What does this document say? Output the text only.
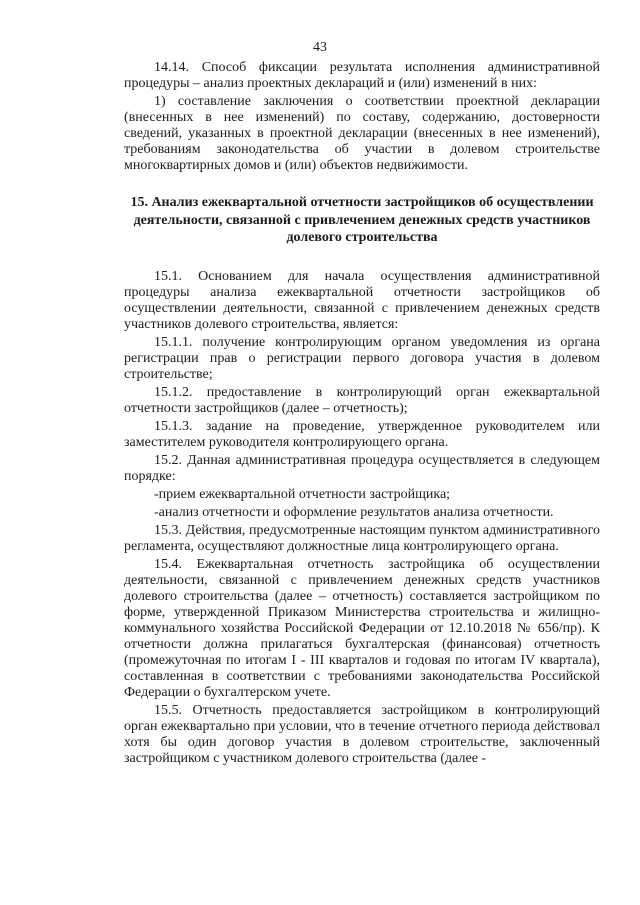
43

14.14. Способ фиксации результата исполнения административной процедуры – анализ проектных деклараций и (или) изменений в них:

1) составление заключения о соответствии проектной декларации (внесенных в нее изменений) по составу, содержанию, достоверности сведений, указанных в проектной декларации (внесенных в нее изменений), требованиям законодательства об участии в долевом строительстве многоквартирных домов и (или) объектов недвижимости.

15. Анализ ежеквартальной отчетности застройщиков об осуществлении деятельности, связанной с привлечением денежных средств участников долевого строительства

15.1. Основанием для начала осуществления административной процедуры анализа ежеквартальной отчетности застройщиков об осуществлении деятельности, связанной с привлечением денежных средств участников долевого строительства, является:

15.1.1. получение контролирующим органом уведомления из органа регистрации прав о регистрации первого договора участия в долевом строительстве;

15.1.2. предоставление в контролирующий орган ежеквартальной отчетности застройщиков (далее – отчетность);

15.1.3. задание на проведение, утвержденное руководителем или заместителем руководителя контролирующего органа.

15.2. Данная административная процедура осуществляется в следующем порядке:

-прием ежеквартальной отчетности застройщика;

-анализ отчетности и оформление результатов анализа отчетности.

15.3. Действия, предусмотренные настоящим пунктом административного регламента, осуществляют должностные лица контролирующего органа.

15.4. Ежеквартальная отчетность застройщика об осуществлении деятельности, связанной с привлечением денежных средств участников долевого строительства (далее – отчетность) составляется застройщиком по форме, утвержденной Приказом Министерства строительства и жилищно-коммунального хозяйства Российской Федерации от 12.10.2018 № 656/пр). К отчетности должна прилагаться бухгалтерская (финансовая) отчетность (промежуточная по итогам I - III кварталов и годовая по итогам IV квартала), составленная в соответствии с требованиями законодательства Российской Федерации о бухгалтерском учете.

15.5. Отчетность предоставляется застройщиком в контролирующий орган ежеквартально при условии, что в течение отчетного периода действовал хотя бы один договор участия в долевом строительстве, заключенный застройщиком с участником долевого строительства (далее -
